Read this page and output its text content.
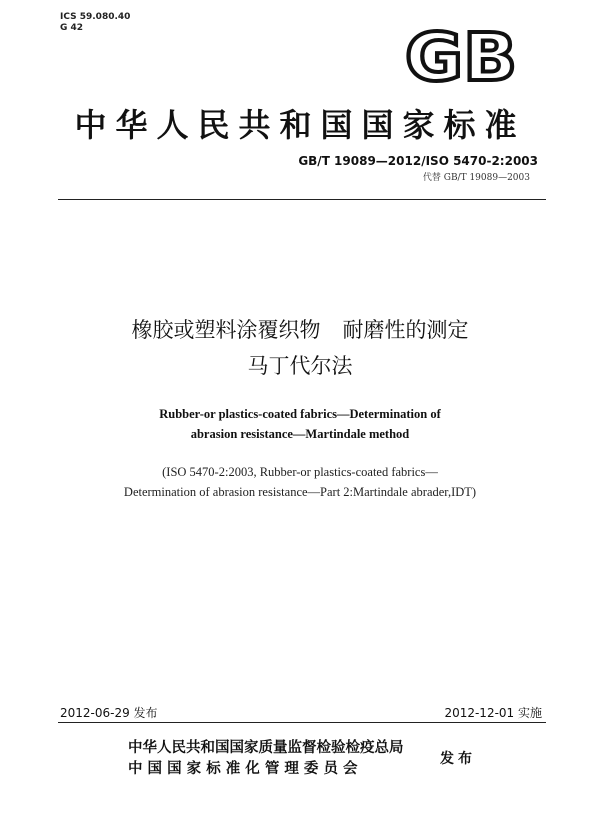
ICS 59.080.40
G 42	GB
中华人民共和国国家标准
GB/T 19089—2012/ISO 5470-2:2003
代替 GB/T 19089—2003
橡胶或塑料涂覆织物 耐磨性的测定
马丁代尔法
Rubber-or plastics-coated fabrics—Determination of
abrasion resistance—Martindale method
(ISO 5470-2:2003, Rubber-or plastics-coated fabrics—
Determination of abrasion resistance—Part 2:Martindale abrader,IDT)
2012-06-29 发布	2012-12-01 实施
中华人民共和国国家质量监督检验检疫总局
中 国 国 家 标 准 化 管 理 委 员 会
发布
